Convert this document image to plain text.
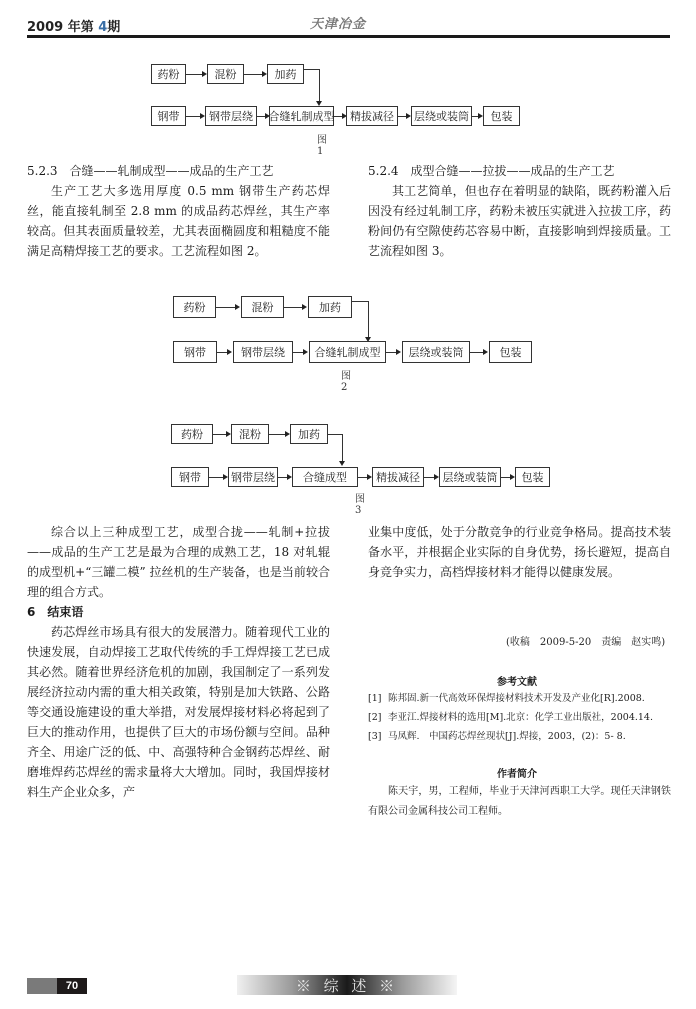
2009 年第 4期	天津冶金
药粉	混粉	加药
钢带	钢带层绕	合缝轧制成型	精拔减径	层绕或装筒	包装
图 1
5.2.3　合缝——轧制成型——成品的生产工艺
生产工艺大多选用厚度 0.5 mm 钢带生产药芯焊丝，能直接轧制至 2.8 mm 的成品药芯焊丝，其生产率较高。但其表面质量较差，尤其表面椭圆度和粗糙度不能满足高精焊接工艺的要求。工艺流程如图 2。
5.2.4　成型合缝——拉拔——成品的生产工艺
其工艺简单，但也存在着明显的缺陷，既药粉灌入后因没有经过轧制工序，药粉未被压实就进入拉拔工序，药粉间仍有空隙使药芯容易中断，直接影响到焊接质量。工艺流程如图 3。
药粉	混粉	加药
钢带	钢带层绕	合缝轧制成型	层绕或装筒	包装
图 2
药粉	混粉	加药
钢带	钢带层绕	合缝成型	精拔减径	层绕或装筒	包装
图 3
综合以上三种成型工艺，成型合拢——轧制+拉拔——成品的生产工艺是最为合理的成熟工艺，18 对轧辊的成型机+“三罐二模” 拉丝机的生产装备，也是当前较合理的组合方式。
6　结束语
药芯焊丝市场具有很大的发展潜力。随着现代工业的快速发展，自动焊接工艺取代传统的手工焊焊接工艺已成其必然。随着世界经济危机的加剧，我国制定了一系列发展经济拉动内需的重大相关政策，特别是加大铁路、公路等交通设施建设的重大举措，对发展焊接材料必将起到了巨大的推动作用，也提供了巨大的市场份额与空间。品种齐全、用途广泛的低、中、高强特种合金钢药芯焊丝、耐磨堆焊药芯焊丝的需求量将大大增加。同时，我国焊接材料生产企业众多，产
业集中度低，处于分散竞争的行业竞争格局。提高技术装备水平，并根据企业实际的自身优势，扬长避短，提高自身竞争实力，高档焊接材料才能得以健康发展。
(收稿　2009-5-20　责编　赵实鸣)
参考文献
[1] 陈邦固.新一代高效环保焊接材料技术开发及产业化[R].2008.
[2] 李亚江.焊接材料的选用[M].北京：化学工业出版社，2004.14.
[3] 马凤辉.　中国药芯焊丝现状[J].焊接，2003，(2)：5- 8.
作者简介
陈天宇，男，工程师，毕业于天津河西职工大学。现任天津钢铁有限公司金属科技公司工程师。
70	※ 综 述 ※
